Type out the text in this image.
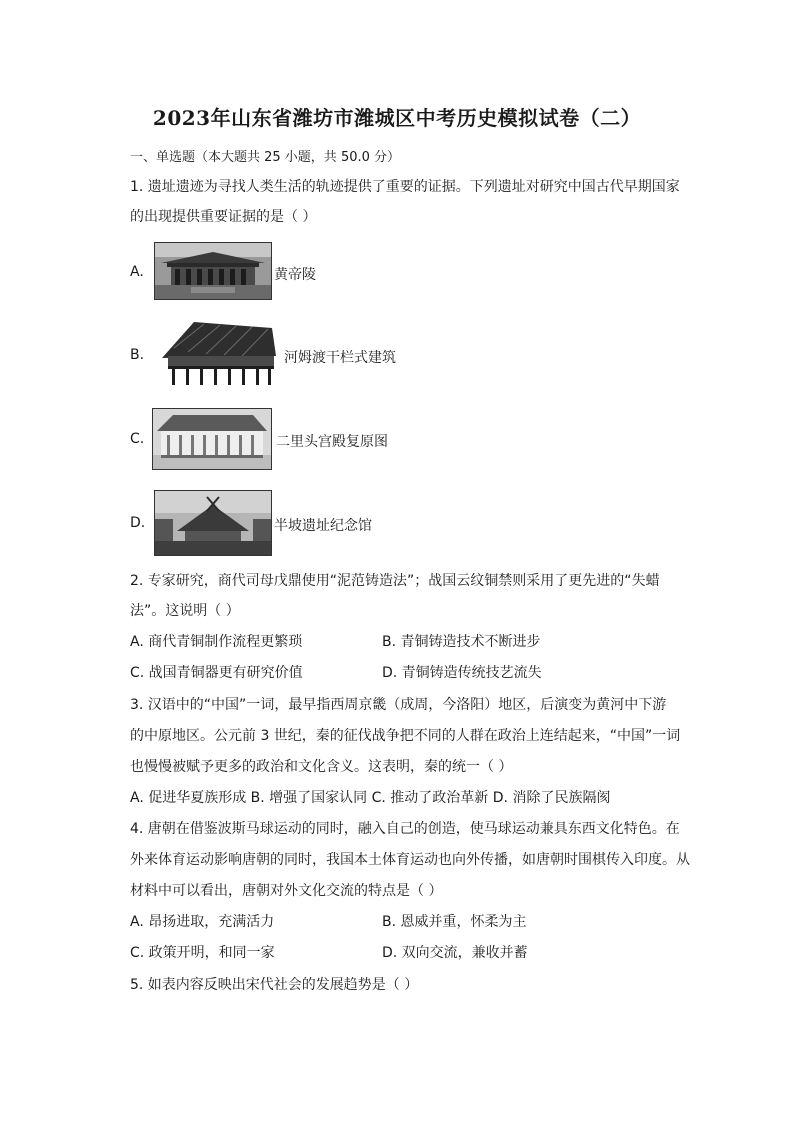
2023年山东省潍坊市潍城区中考历史模拟试卷（二）
一、单选题（本大题共 25 小题，共 50.0 分）
1. 遗址遗迹为寻找人类生活的轨迹提供了重要的证据。下列遗址对研究中国古代早期国家
的出现提供重要证据的是（ ）
A.	黄帝陵
B.	河姆渡干栏式建筑
C.	二里头宫殿复原图
D.	半坡遗址纪念馆
2. 专家研究，商代司母戊鼎使用“泥范铸造法”；战国云纹铜禁则采用了更先进的“失蜡
法”。这说明（ ）
A. 商代青铜制作流程更繁琐	B. 青铜铸造技术不断进步
C. 战国青铜器更有研究价值	D. 青铜铸造传统技艺流失
3. 汉语中的“中国”一词，最早指西周京畿（成周，今洛阳）地区，后演变为黄河中下游
的中原地区。公元前 3 世纪，秦的征伐战争把不同的人群在政治上连结起来，“中国”一词
也慢慢被赋予更多的政治和文化含义。这表明，秦的统一（ ）
A. 促进华夏族形成 B. 增强了国家认同 C. 推动了政治革新 D. 消除了民族隔阂
4. 唐朝在借鉴波斯马球运动的同时，融入自己的创造，使马球运动兼具东西文化特色。在
外来体育运动影响唐朝的同时，我国本土体育运动也向外传播，如唐朝时围棋传入印度。从
材料中可以看出，唐朝对外文化交流的特点是（ ）
A. 昂扬进取，充满活力	B. 恩威并重，怀柔为主
C. 政策开明，和同一家	D. 双向交流，兼收并蓄
5. 如表内容反映出宋代社会的发展趋势是（ ）
